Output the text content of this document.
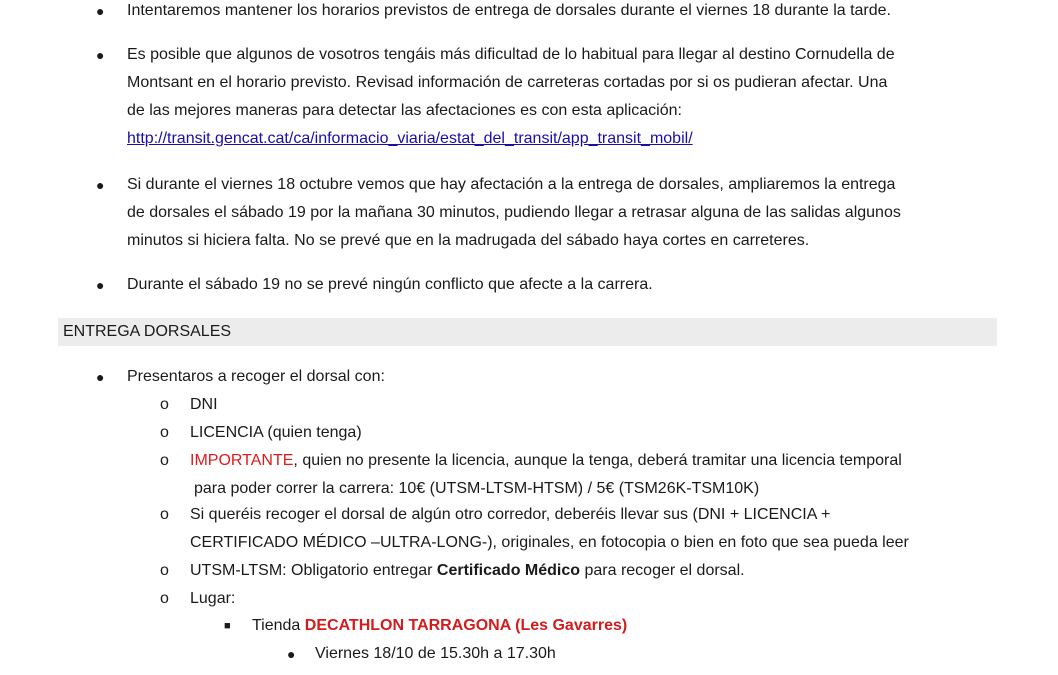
● Intentaremos mantener los horarios previstos de entrega de dorsales durante el viernes 18 durante la tarde.
● Es posible que algunos de vosotros tengáis más dificultad de lo habitual para llegar al destino Cornudella de
Montsant en el horario previsto. Revisad información de carreteras cortadas por si os pudieran afectar. Una
de las mejores maneras para detectar las afectaciones es con esta aplicación:
http://transit.gencat.cat/ca/informacio_viaria/estat_del_transit/app_transit_mobil/
● Si durante el viernes 18 octubre vemos que hay afectación a la entrega de dorsales, ampliaremos la entrega
de dorsales el sábado 19 por la mañana 30 minutos, pudiendo llegar a retrasar alguna de las salidas algunos
minutos si hiciera falta. No se prevé que en la madrugada del sábado haya cortes en carreteres.
● Durante el sábado 19 no se prevé ningún conflicto que afecte a la carrera.
ENTREGA DORSALES
● Presentaros a recoger el dorsal con:
o DNI
o LICENCIA (quien tenga)
o IMPORTANTE, quien no presente la licencia, aunque la tenga, deberá tramitar una licencia temporal
para poder correr la carrera: 10€ (UTSM-LTSM-HTSM) / 5€ (TSM26K-TSM10K)
o Si queréis recoger el dorsal de algún otro corredor, deberéis llevar sus (DNI + LICENCIA +
CERTIFICADO MÉDICO –ULTRA-LONG-), originales, en fotocopia o bien en foto que sea pueda leer
o UTSM-LTSM: Obligatorio entregar Certificado Médico para recoger el dorsal.
o Lugar:
■ Tienda DECATHLON TARRAGONA (Les Gavarres)
● Viernes 18/10 de 15.30h a 17.30h
